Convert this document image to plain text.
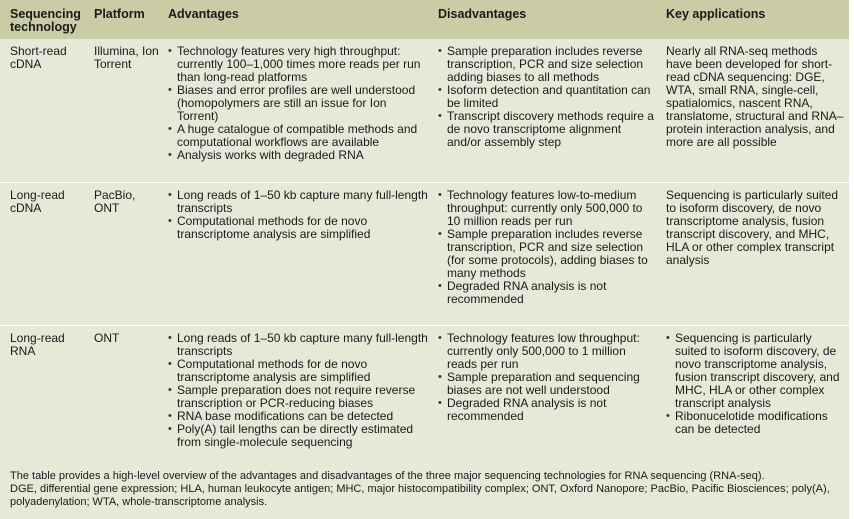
Sequencing technology
Platform	Advantages	Disadvantages	Key applications
Short-read cDNA
Illumina, Ion Torrent
• Technology features very high throughput: currently 100–1,000 times more reads per run than long-read platforms
• Biases and error profiles are well understood (homopolymers are still an issue for Ion Torrent)
• A huge catalogue of compatible methods and computational workflows are available
• Analysis works with degraded RNA
• Sample preparation includes reverse transcription, PCR and size selection adding biases to all methods
• Isoform detection and quantitation can be limited
• Transcript discovery methods require a de novo transcriptome alignment and/or assembly step
Nearly all RNA-seq methods have been developed for short-read cDNA sequencing: DGE, WTA, small RNA, single-cell, spatialomics, nascent RNA, translatome, structural and RNA–protein interaction analysis, and more are all possible
Long-read cDNA
PacBio, ONT
• Long reads of 1–50 kb capture many full-length transcripts
• Computational methods for de novo transcriptome analysis are simplified
• Technology features low-to-medium throughput: currently only 500,000 to 10 million reads per run
• Sample preparation includes reverse transcription, PCR and size selection (for some protocols), adding biases to many methods
• Degraded RNA analysis is not recommended
Sequencing is particularly suited to isoform discovery, de novo transcriptome analysis, fusion transcript discovery, and MHC, HLA or other complex transcript analysis
Long-read RNA
ONT
•	Long reads of 1–50 kb capture many full-length transcripts
• Computational methods for de novo transcriptome analysis are simplified
• Sample preparation does not require reverse transcription or PCR-reducing biases
• RNA base modifications can be detected
• Poly(A) tail lengths can be directly estimated from single-molecule sequencing
• Technology features low throughput: currently only 500,000 to 1 million reads per run
• Sample preparation and sequencing biases are not well understood
• Degraded RNA analysis is not recommended
• Sequencing is particularly suited to isoform discovery, de novo transcriptome analysis, fusion transcript discovery, and MHC, HLA or other complex transcript analysis
• Ribonucelotide modifications can be detected

The table provides a high-level overview of the advantages and disadvantages of the three major sequencing technologies for RNA sequencing (RNA-seq).

DGE, differential gene expression; HLA, human leukocyte antigen; MHC, major histocompatibility complex; ONT, Oxford Nanopore; PacBio, Pacific Biosciences; poly(A), polyadenylation; WTA, whole-transcriptome analysis.
